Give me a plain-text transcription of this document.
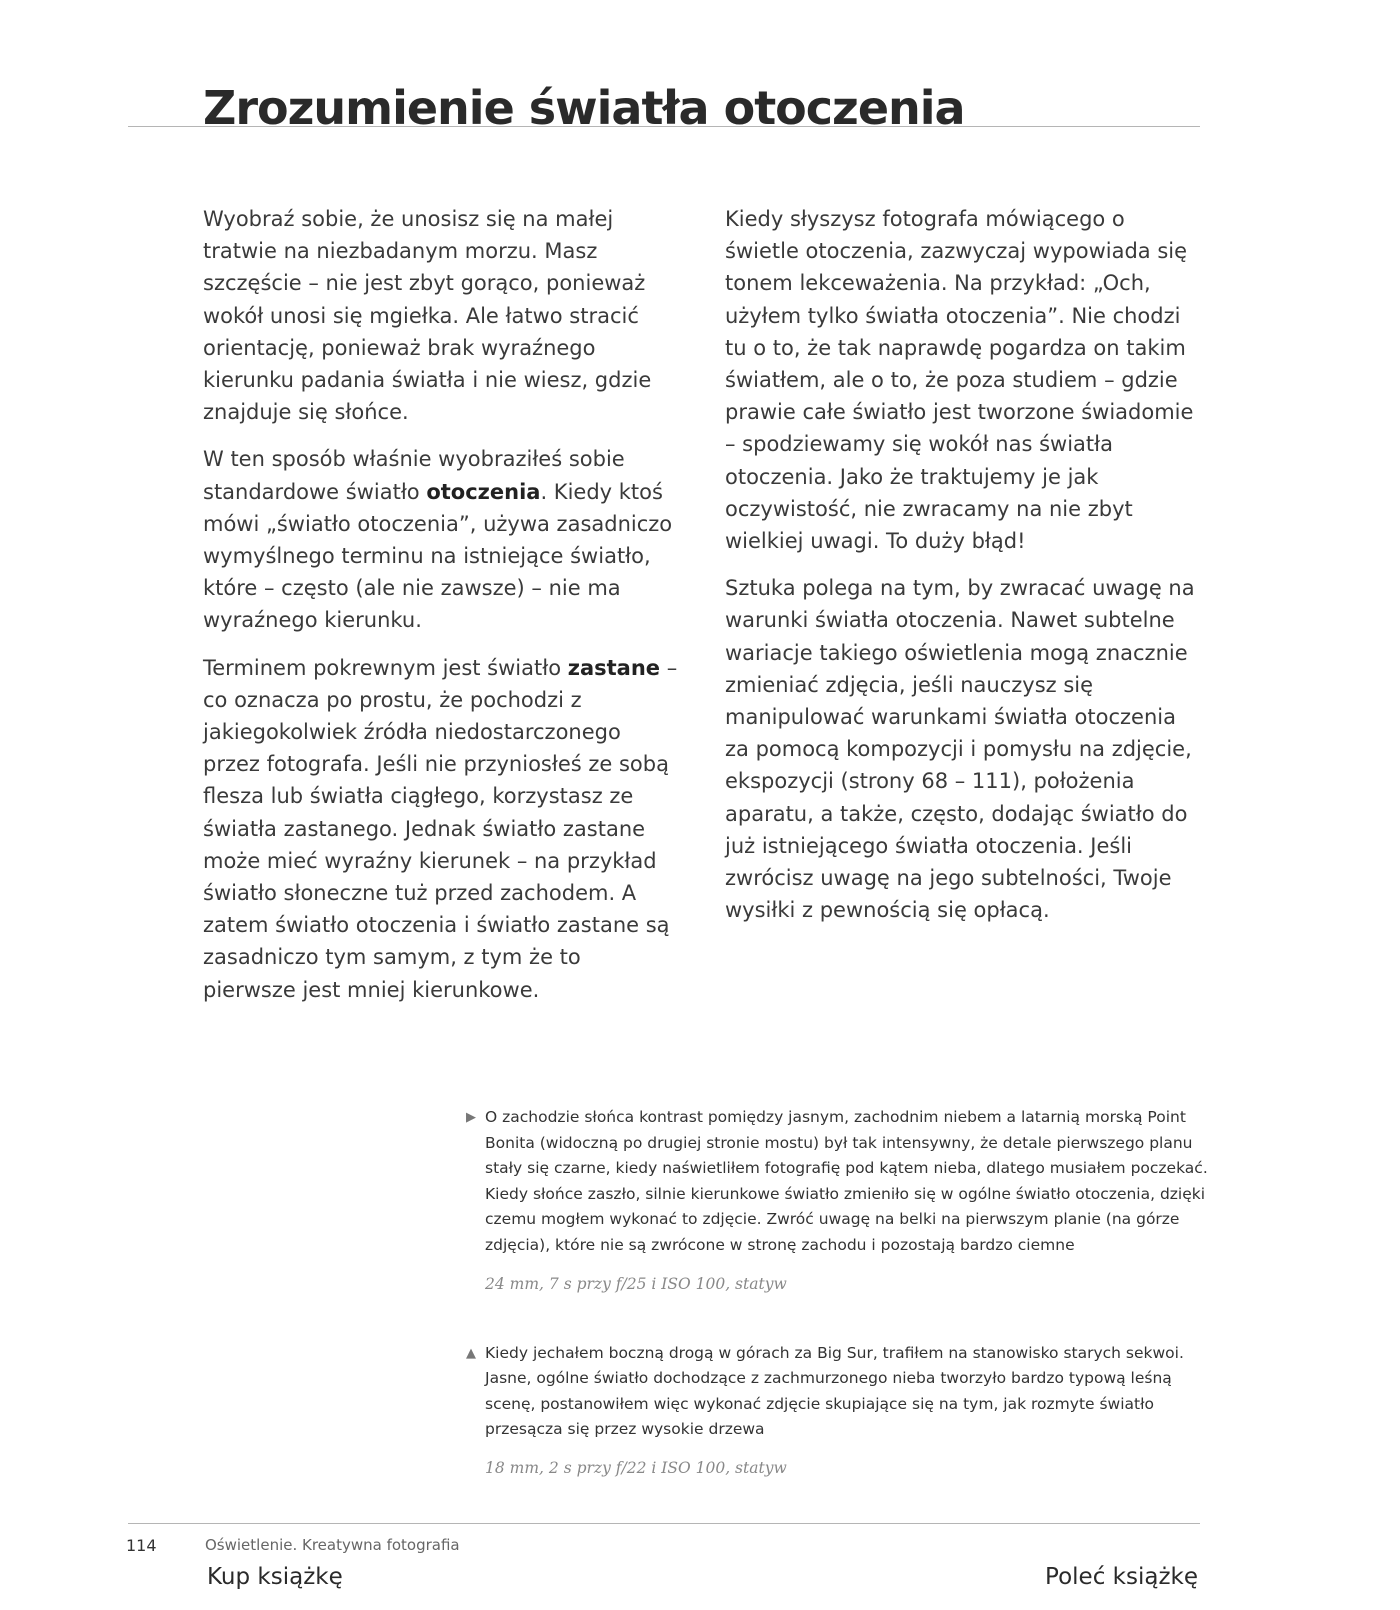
Zrozumienie światła otoczenia

Wyobraź sobie, że unosisz się na małej tratwie na niezbadanym morzu. Masz szczęście – nie jest zbyt gorąco, ponieważ wokół unosi się mgiełka. Ale łatwo stracić orientację, ponieważ brak wyraźnego kierunku padania światła i nie wiesz, gdzie znajduje się słońce.

W ten sposób właśnie wyobraziłeś sobie standardowe światło otoczenia. Kiedy ktoś mówi „światło otoczenia”, używa zasadniczo wymyślnego terminu na istniejące światło, które – często (ale nie zawsze) – nie ma wyraźnego kierunku.

Terminem pokrewnym jest światło zastane – co oznacza po prostu, że pochodzi z jakiegokolwiek źródła niedostarczonego przez fotografa. Jeśli nie przyniosłeś ze sobą flesza lub światła ciągłego, korzystasz ze światła zastanego. Jednak światło zastane może mieć wyraźny kierunek – na przykład światło słoneczne tuż przed zachodem. A zatem światło otoczenia i światło zastane są zasadniczo tym samym, z tym że to pierwsze jest mniej kierunkowe.

Kiedy słyszysz fotografa mówiącego o świetle otoczenia, zazwyczaj wypowiada się tonem lekceważenia. Na przykład: „Och, użyłem tylko światła otoczenia”. Nie chodzi tu o to, że tak naprawdę pogardza on takim światłem, ale o to, że poza studiem – gdzie prawie całe światło jest tworzone świadomie – spodziewamy się wokół nas światła otoczenia. Jako że traktujemy je jak oczywistość, nie zwracamy na nie zbyt wielkiej uwagi. To duży błąd!

Sztuka polega na tym, by zwracać uwagę na warunki światła otoczenia. Nawet subtelne wariacje takiego oświetlenia mogą znacznie zmieniać zdjęcia, jeśli nauczysz się manipulować warunkami światła otoczenia za pomocą kompozycji i pomysłu na zdjęcie, ekspozycji (strony 68 – 111), położenia aparatu, a także, często, dodając światło do już istniejącego światła otoczenia. Jeśli zwrócisz uwagę na jego subtelności, Twoje wysiłki z pewnością się opłacą.

▶ O zachodzie słońca kontrast pomiędzy jasnym, zachodnim niebem a latarnią morską Point Bonita (widoczną po drugiej stronie mostu) był tak intensywny, że detale pierwszego planu stały się czarne, kiedy naświetliłem fotografię pod kątem nieba, dlatego musiałem poczekać. Kiedy słońce zaszło, silnie kierunkowe światło zmieniło się w ogólne światło otoczenia, dzięki czemu mogłem wykonać to zdjęcie. Zwróć uwagę na belki na pierwszym planie (na górze zdjęcia), które nie są zwrócone w stronę zachodu i pozostają bardzo ciemne

24 mm, 7 s przy f/25 i ISO 100, statyw

▲ Kiedy jechałem boczną drogą w górach za Big Sur, trafiłem na stanowisko starych sekwoi. Jasne, ogólne światło dochodzące z zachmurzonego nieba tworzyło bardzo typową leśną scenę, postanowiłem więc wykonać zdjęcie skupiające się na tym, jak rozmyte światło przesącza się przez wysokie drzewa

18 mm, 2 s przy f/22 i ISO 100, statyw

114	Oświetlenie. Kreatywna fotografia
Kup książkę	Poleć książkę
